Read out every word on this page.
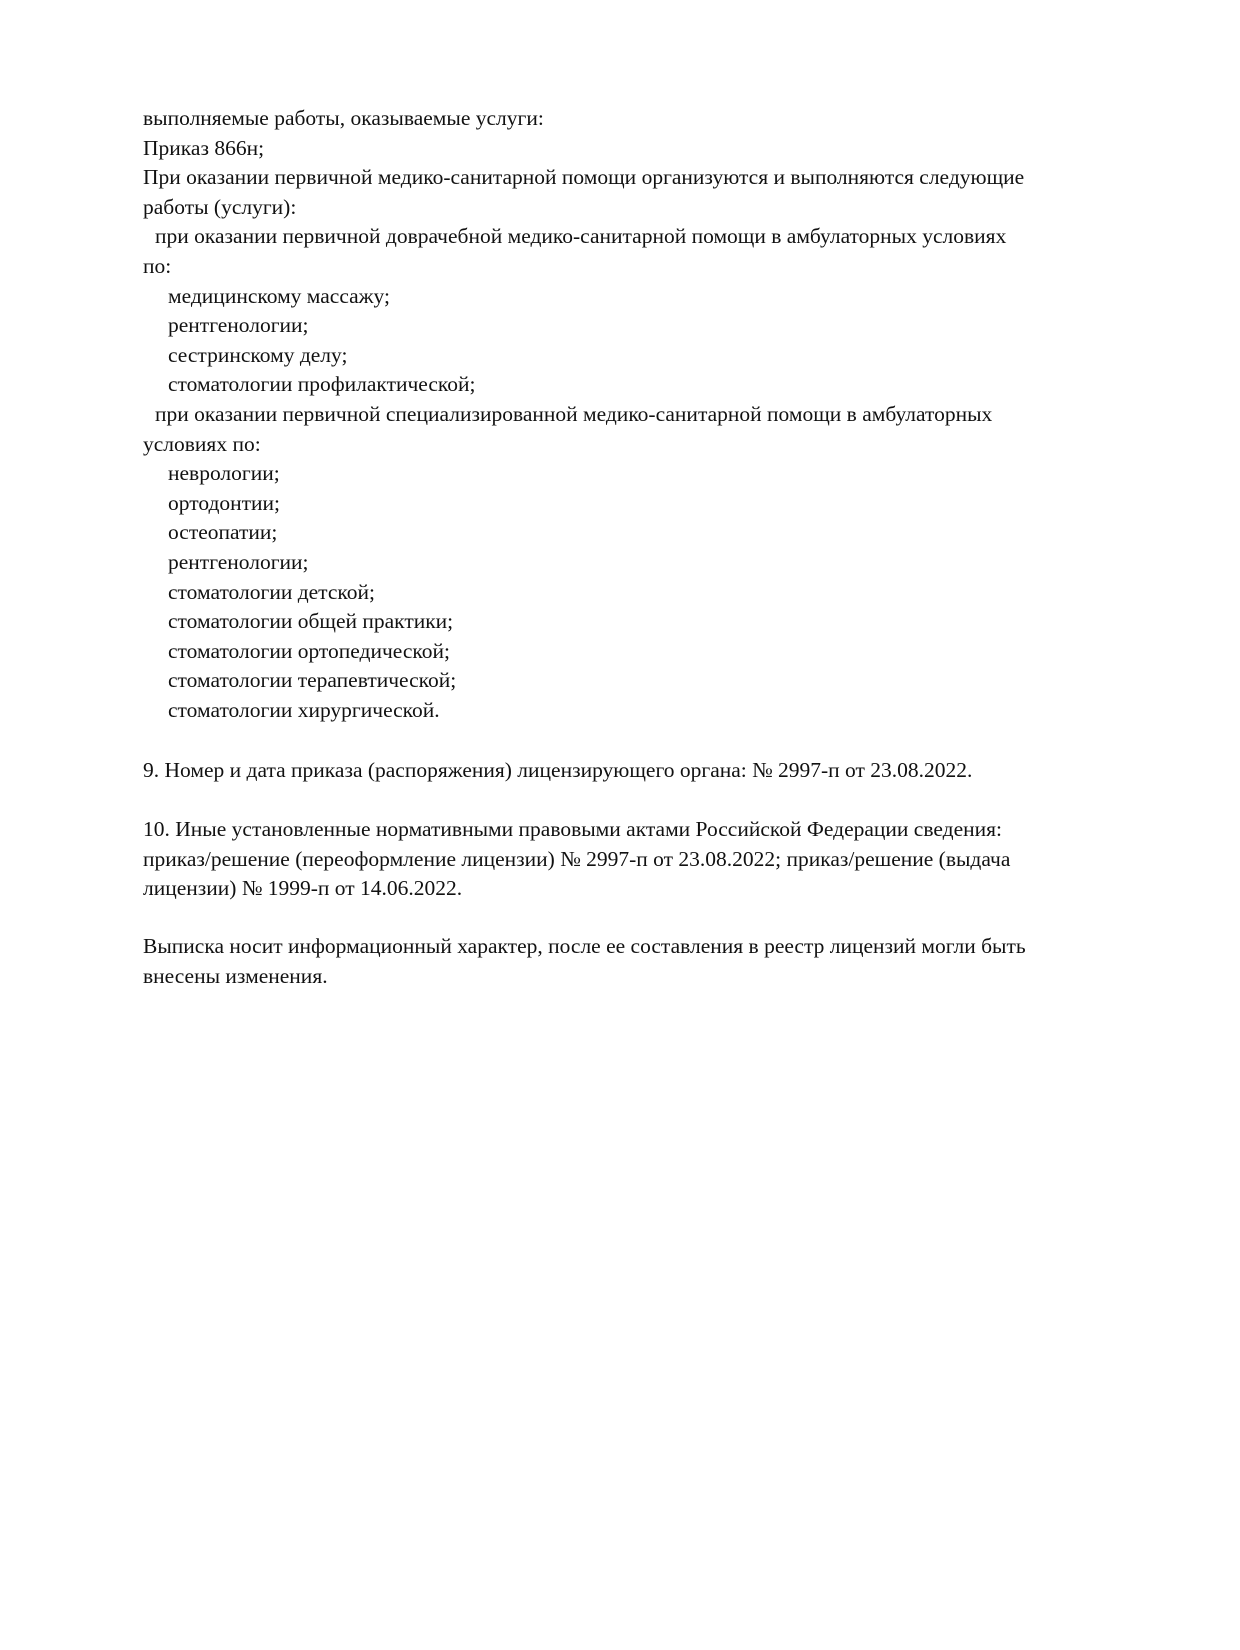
выполняемые работы, оказываемые услуги:
Приказ 866н;
При оказании первичной медико-санитарной помощи организуются и выполняются следующие
работы (услуги):
при оказании первичной доврачебной медико-санитарной помощи в амбулаторных условиях
по:
медицинскому массажу;
рентгенологии;
сестринскому делу;
стоматологии профилактической;
при оказании первичной специализированной медико-санитарной помощи в амбулаторных
условиях по:
неврологии;
ортодонтии;
остеопатии;
рентгенологии;
стоматологии детской;
стоматологии общей практики;
стоматологии ортопедической;
стоматологии терапевтической;
стоматологии хирургической.
9. Номер и дата приказа (распоряжения) лицензирующего органа: № 2997-п от 23.08.2022.
10. Иные установленные нормативными правовыми актами Российской Федерации сведения:
приказ/решение (переоформление лицензии) № 2997-п от 23.08.2022; приказ/решение (выдача
лицензии) № 1999-п от 14.06.2022.
Выписка носит информационный характер, после ее составления в реестр лицензий могли быть
внесены изменения.
